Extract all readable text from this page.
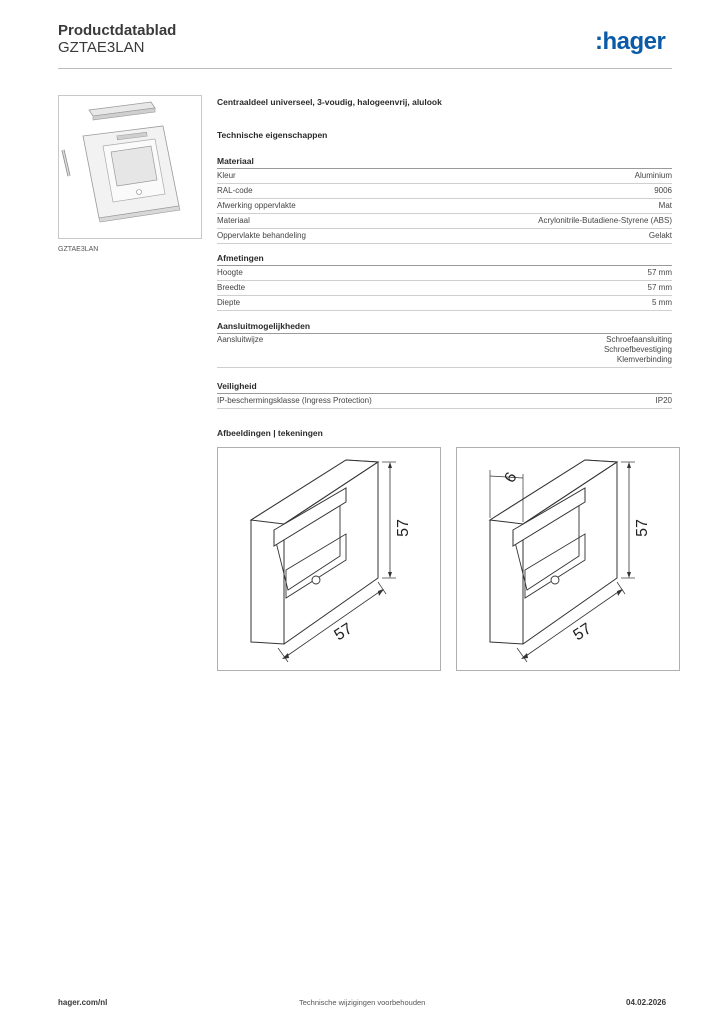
Productdatablad
GZTAE3LAN	:hager
GZTAE3LAN
Centraaldeel universeel, 3-voudig, halogeenvrij, alulook
Technische eigenschappen
Materiaal
Kleur	Aluminium
RAL-code	9006
Afwerking oppervlakte	Mat
Materiaal	Acrylonitrile-Butadiene-Styrene (ABS)
Oppervlakte behandeling	Gelakt
Afmetingen
Hoogte	57 mm
Breedte	57 mm
Diepte	5 mm
Aansluitmogelijkheden
Aansluitwijze	Schroefaansluiting
Schroefbevestiging
Klemverbinding
Veiligheid
IP-beschermingsklasse (Ingress Protection)	IP20
Afbeeldingen | tekeningen
57
57
6
57
57
hager.com/nl	Technische wijzigingen voorbehouden	04.02.2026
